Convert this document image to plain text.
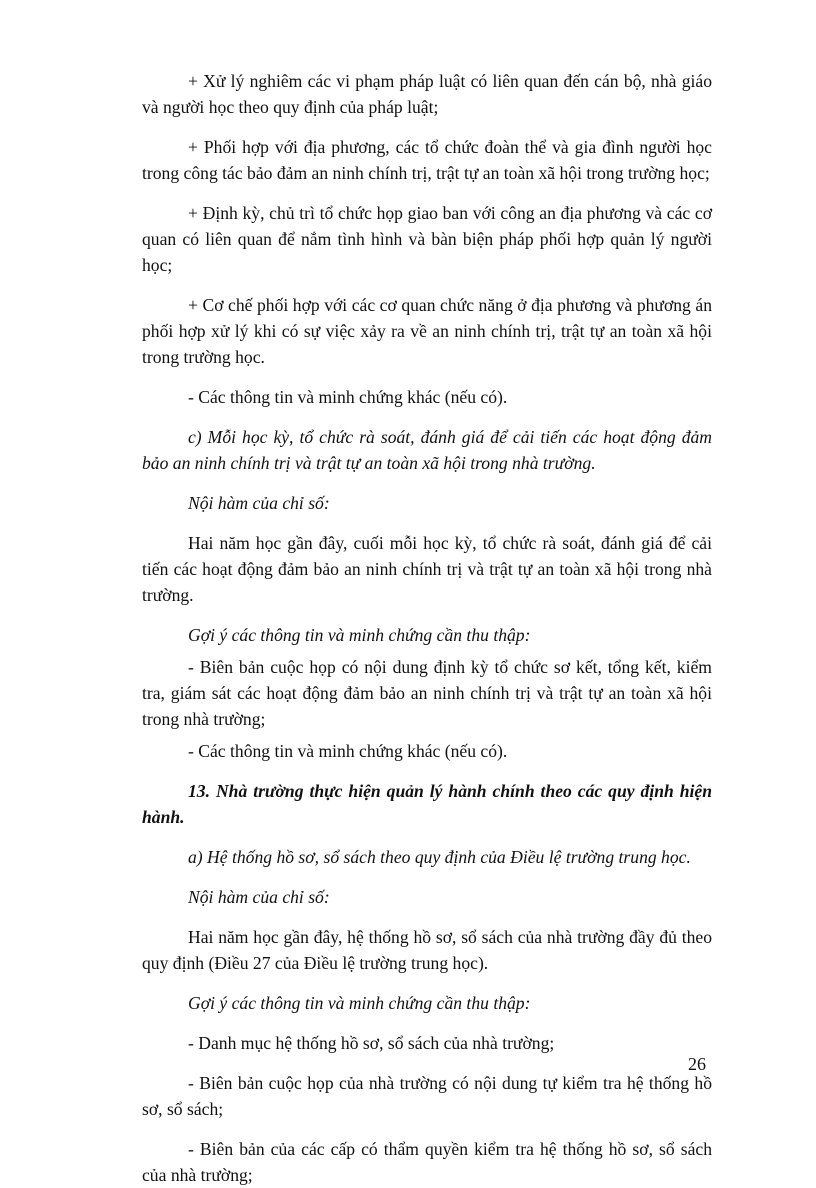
+ Xử lý nghiêm các vi phạm pháp luật có liên quan đến cán bộ, nhà giáo và người học theo quy định của pháp luật;

+ Phối hợp với địa phương, các tổ chức đoàn thể và gia đình người học trong công tác bảo đảm an ninh chính trị, trật tự an toàn xã hội trong trường học;

+ Định kỳ, chủ trì tổ chức họp giao ban với công an địa phương và các cơ quan có liên quan để nắm tình hình và bàn biện pháp phối hợp quản lý người học;

+ Cơ chế phối hợp với các cơ quan chức năng ở địa phương và phương án phối hợp xử lý khi có sự việc xảy ra về an ninh chính trị, trật tự an toàn xã hội trong trường học.

- Các thông tin và minh chứng khác (nếu có).

c) Mỗi học kỳ, tổ chức rà soát, đánh giá để cải tiến các hoạt động đảm bảo an ninh chính trị và trật tự an toàn xã hội trong nhà trường.

Nội hàm của chỉ số:

Hai năm học gần đây, cuối mỗi học kỳ, tổ chức rà soát, đánh giá để cải tiến các hoạt động đảm bảo an ninh chính trị và trật tự an toàn xã hội trong nhà trường.

Gợi ý các thông tin và minh chứng cần thu thập:

- Biên bản cuộc họp có nội dung định kỳ tổ chức sơ kết, tổng kết, kiểm tra, giám sát các hoạt động đảm bảo an ninh chính trị và trật tự an toàn xã hội trong nhà trường;

- Các thông tin và minh chứng khác (nếu có).

13. Nhà trường thực hiện quản lý hành chính theo các quy định hiện hành.

a) Hệ thống hồ sơ, sổ sách theo quy định của Điều lệ trường trung học.

Nội hàm của chỉ số:

Hai năm học gần đây, hệ thống hồ sơ, sổ sách của nhà trường đầy đủ theo quy định (Điều 27 của Điều lệ trường trung học).

Gợi ý các thông tin và minh chứng cần thu thập:

- Danh mục hệ thống hồ sơ, sổ sách của nhà trường;

- Biên bản cuộc họp của nhà trường có nội dung tự kiểm tra hệ thống hồ sơ, sổ sách;

- Biên bản của các cấp có thẩm quyền kiểm tra hệ thống hồ sơ, sổ sách của nhà trường;

26
